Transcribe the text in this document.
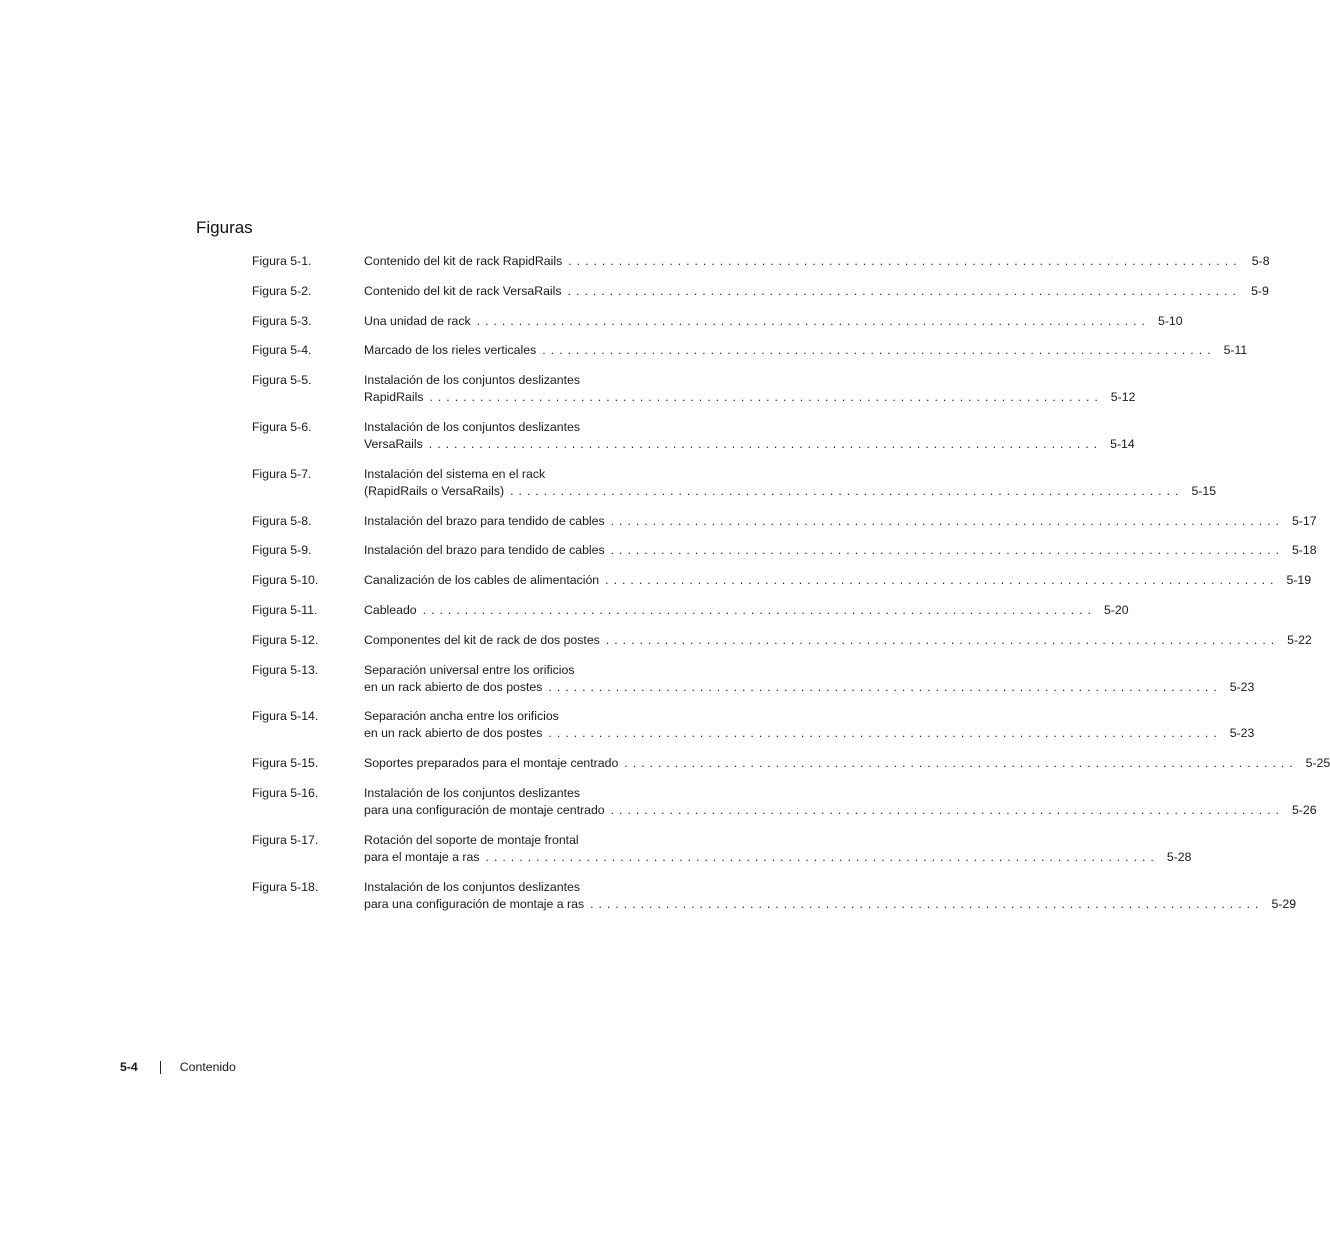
Figuras
Figura 5-1.	Contenido del kit de rack RapidRails ................................................................................ 5-8
Figura 5-2.	Contenido del kit de rack VersaRails ................................................................................ 5-9
Figura 5-3.	Una unidad de rack ................................................................................ 5-10
Figura 5-4.	Marcado de los rieles verticales ................................................................................ 5-11
Figura 5-5.	Instalación de los conjuntos deslizantes
RapidRails ................................................................................ 5-12
Figura 5-6.	Instalación de los conjuntos deslizantes
VersaRails ................................................................................ 5-14
Figura 5-7.	Instalación del sistema en el rack
(RapidRails o VersaRails) ................................................................................ 5-15
Figura 5-8.	Instalación del brazo para tendido de cables ................................................................................ 5-17
Figura 5-9.	Instalación del brazo para tendido de cables ................................................................................ 5-18
Figura 5-10.	Canalización de los cables de alimentación ................................................................................ 5-19
Figura 5-11.	Cableado ................................................................................ 5-20
Figura 5-12.	Componentes del kit de rack de dos postes ................................................................................ 5-22
Figura 5-13.	Separación universal entre los orificios
en un rack abierto de dos postes ................................................................................ 5-23
Figura 5-14.	Separación ancha entre los orificios
en un rack abierto de dos postes ................................................................................ 5-23
Figura 5-15.	Soportes preparados para el montaje centrado ................................................................................ 5-25
Figura 5-16.	Instalación de los conjuntos deslizantes
para una configuración de montaje centrado ................................................................................ 5-26
Figura 5-17.	Rotación del soporte de montaje frontal
para el montaje a ras ................................................................................ 5-28
Figura 5-18.	Instalación de los conjuntos deslizantes
para una configuración de montaje a ras ................................................................................ 5-29
5-4	Contenido
